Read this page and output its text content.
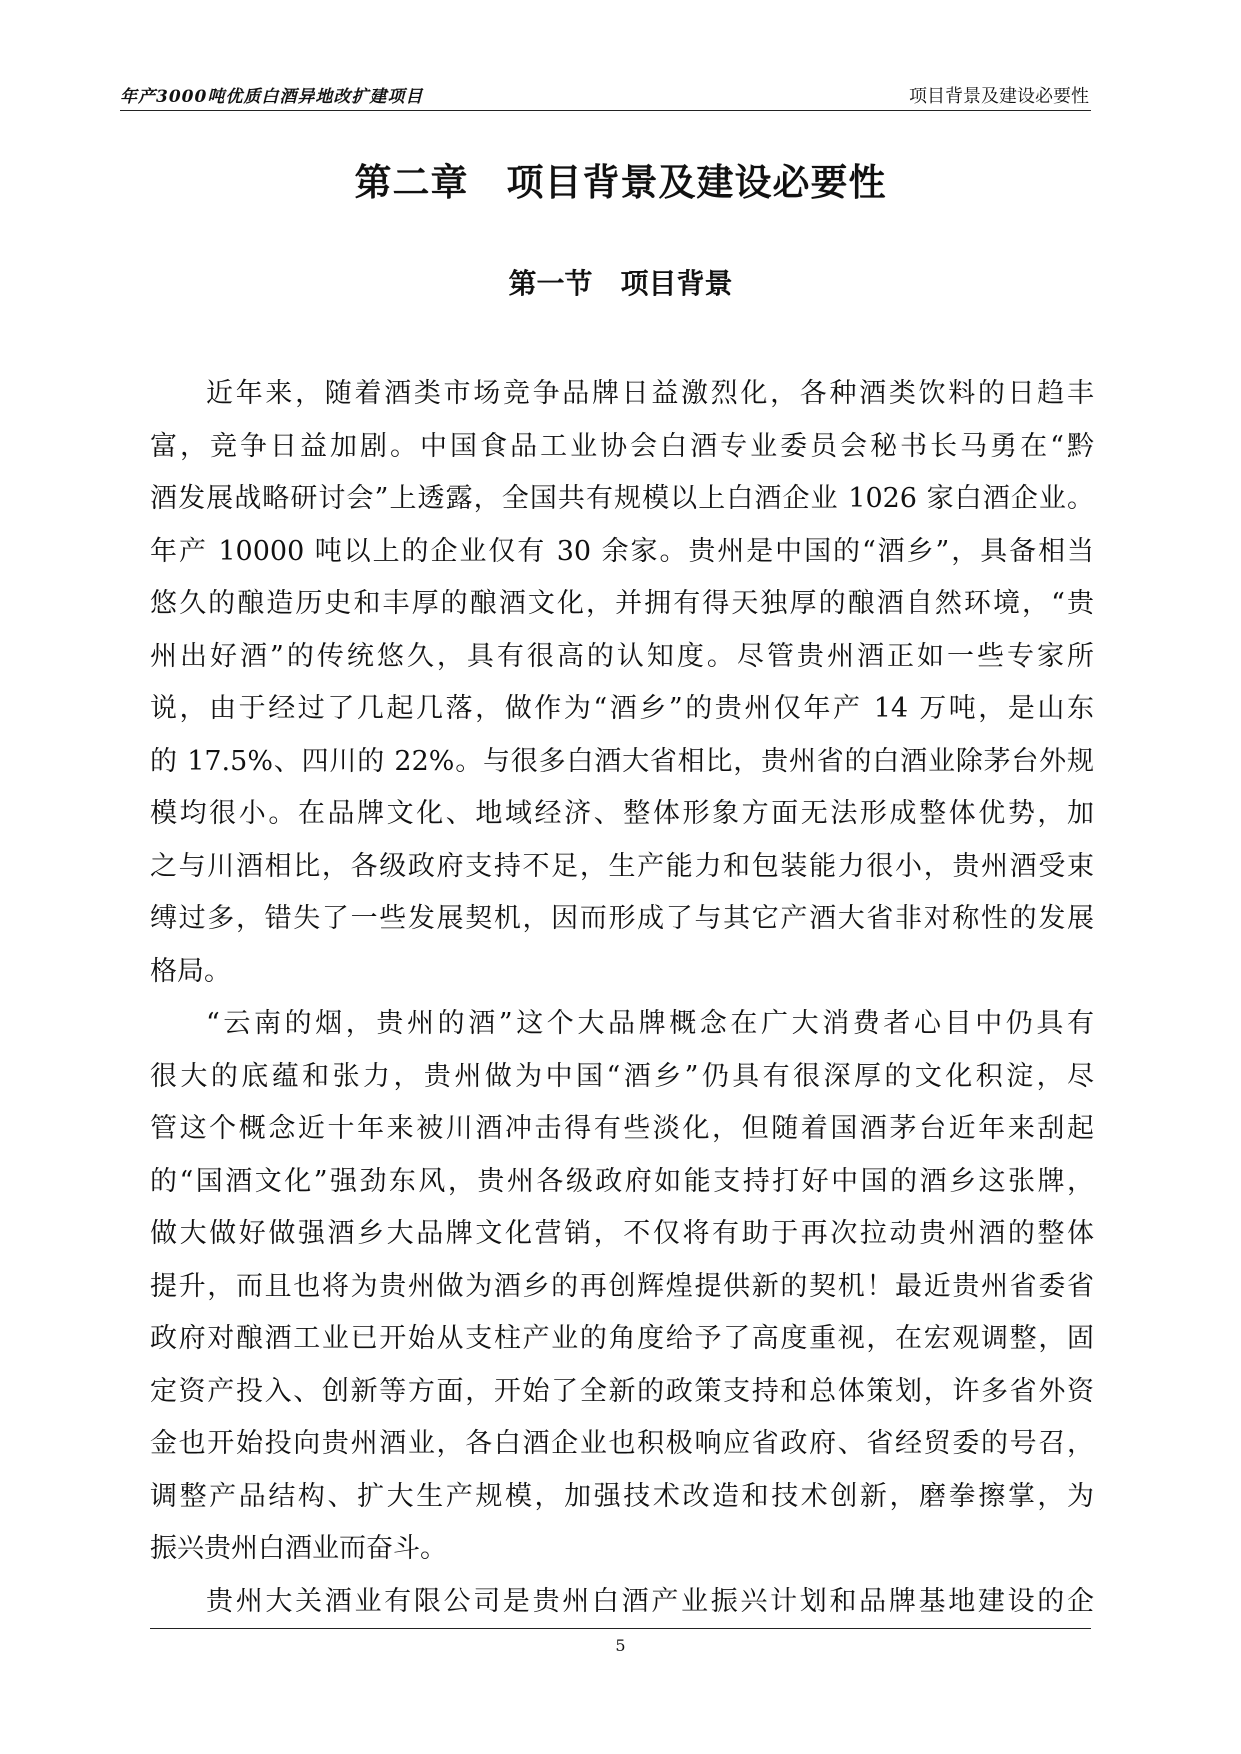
年产3000吨优质白酒异地改扩建项目	项目背景及建设必要性
第二章　项目背景及建设必要性
第一节　项目背景
近年来，随着酒类市场竞争品牌日益激烈化，各种酒类饮料的日趋丰
富，竞争日益加剧。中国食品工业协会白酒专业委员会秘书长马勇在“黔
酒发展战略研讨会”上透露，全国共有规模以上白酒企业 1026 家白酒企业。
年产 10000 吨以上的企业仅有 30 余家。贵州是中国的“酒乡”，具备相当
悠久的酿造历史和丰厚的酿酒文化，并拥有得天独厚的酿酒自然环境，“贵
州出好酒”的传统悠久，具有很高的认知度。尽管贵州酒正如一些专家所
说，由于经过了几起几落，做作为“酒乡”的贵州仅年产 14 万吨，是山东
的 17.5%、四川的 22%。与很多白酒大省相比，贵州省的白酒业除茅台外规
模均很小。在品牌文化、地域经济、整体形象方面无法形成整体优势，加
之与川酒相比，各级政府支持不足，生产能力和包装能力很小，贵州酒受束
缚过多，错失了一些发展契机，因而形成了与其它产酒大省非对称性的发展
格局。
“云南的烟，贵州的酒”这个大品牌概念在广大消费者心目中仍具有
很大的底蕴和张力，贵州做为中国“酒乡”仍具有很深厚的文化积淀，尽
管这个概念近十年来被川酒冲击得有些淡化，但随着国酒茅台近年来刮起
的“国酒文化”强劲东风，贵州各级政府如能支持打好中国的酒乡这张牌，
做大做好做强酒乡大品牌文化营销，不仅将有助于再次拉动贵州酒的整体
提升，而且也将为贵州做为酒乡的再创辉煌提供新的契机！最近贵州省委省
政府对酿酒工业已开始从支柱产业的角度给予了高度重视，在宏观调整，固
定资产投入、创新等方面，开始了全新的政策支持和总体策划，许多省外资
金也开始投向贵州酒业，各白酒企业也积极响应省政府、省经贸委的号召，
调整产品结构、扩大生产规模，加强技术改造和技术创新，磨拳擦掌，为
振兴贵州白酒业而奋斗。
贵州大关酒业有限公司是贵州白酒产业振兴计划和品牌基地建设的企
5
